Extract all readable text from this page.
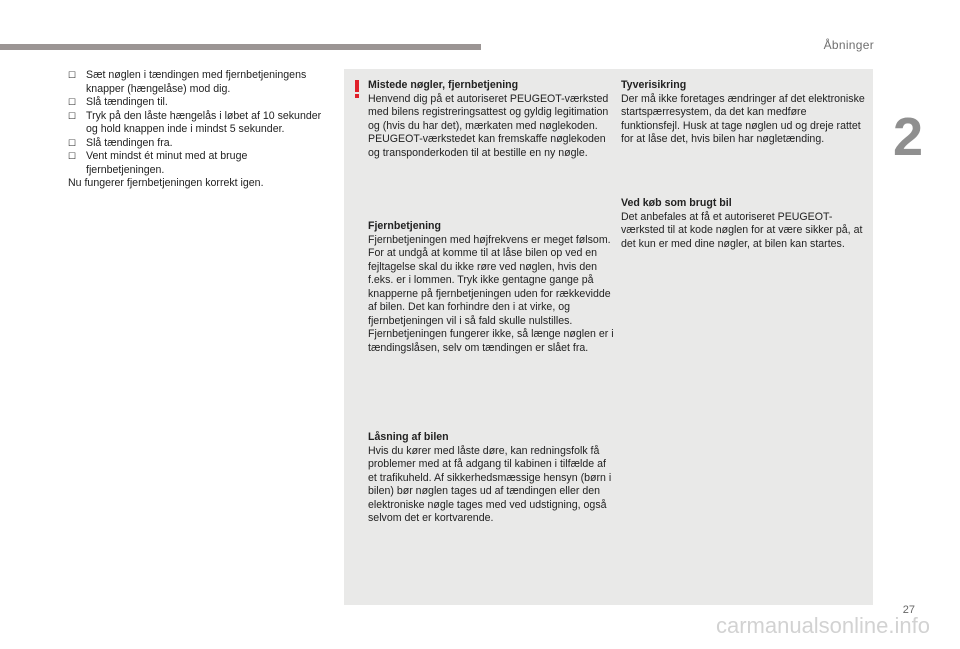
Åbninger
2
☐ Sæt nøglen i tændingen med fjernbetjeningens knapper (hængelåse) mod dig.
☐ Slå tændingen til.
☐ Tryk på den låste hængelås i løbet af 10 sekunder og hold knappen inde i mindst 5 sekunder.
☐ Slå tændingen fra.
☐ Vent mindst ét minut med at bruge fjernbetjeningen.

Nu fungerer fjernbetjeningen korrekt igen.

Mistede nøgler, fjernbetjening

Henvend dig på et autoriseret PEUGEOT-værksted med bilens registreringsattest og gyldig legitimation og (hvis du har det), mærkaten med nøglekoden. PEUGEOT-værkstedet kan fremskaffe nøglekoden og transponderkoden til at bestille en ny nøgle.

Fjernbetjening

Fjernbetjeningen med højfrekvens er meget følsom. For at undgå at komme til at låse bilen op ved en fejltagelse skal du ikke røre ved nøglen, hvis den f.eks. er i lommen. Tryk ikke gentagne gange på knapperne på fjernbetjeningen uden for rækkevidde af bilen. Det kan forhindre den i at virke, og fjernbetjeningen vil i så fald skulle nulstilles. Fjernbetjeningen fungerer ikke, så længe nøglen er i tændingslåsen, selv om tændingen er slået fra.

Låsning af bilen

Hvis du kører med låste døre, kan redningsfolk få problemer med at få adgang til kabinen i tilfælde af et trafikuheld. Af sikkerhedsmæssige hensyn (børn i bilen) bør nøglen tages ud af tændingen eller den elektroniske nøgle tages med ved udstigning, også selvom det er kortvarende.

Tyverisikring

Der må ikke foretages ændringer af det elektroniske startspærresystem, da det kan medføre funktionsfejl. Husk at tage nøglen ud og dreje rattet for at låse det, hvis bilen har nøgletænding.

Ved køb som brugt bil

Det anbefales at få et autoriseret PEUGEOT-værksted til at kode nøglen for at være sikker på, at det kun er med dine nøgler, at bilen kan startes.

27
carmanualsonline.info
